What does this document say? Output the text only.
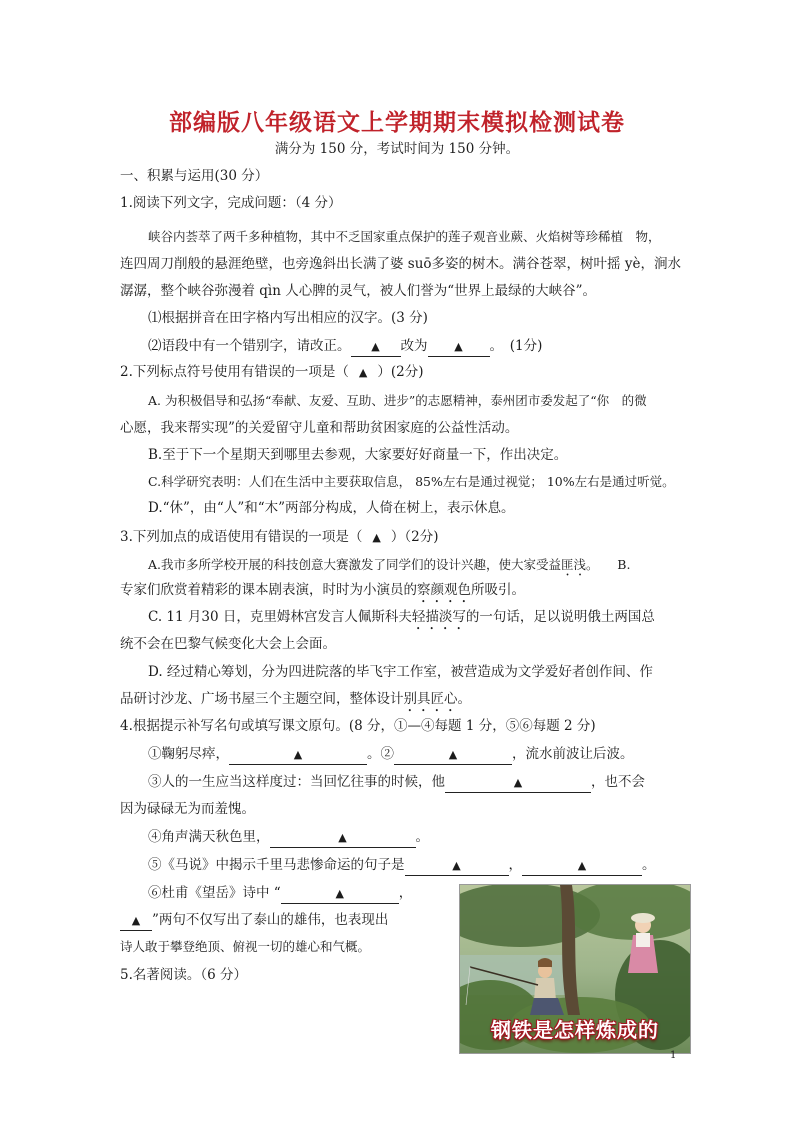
部编版八年级语文上学期期末模拟检测试卷
满分为 150 分，考试时间为 150 分钟。
一、积累与运用(30 分）
1.阅读下列文字，完成问题：（4 分）
峡谷内荟萃了两千多种植物，其中不乏国家重点保护的莲子观音业蕨、火焰树等珍稀植　物，
连四周刀削般的悬涯绝壁，也旁逸斜出长满了婆 suō多姿的树木。满谷苍翠，树叶摇 yè，涧水
潺潺，整个峡谷弥漫着 qìn 人心脾的灵气，被人们誉为“世界上最绿的大峡谷”。
⑴根据拼音在田字格内写出相应的汉字。(3 分)
⑵语段中有一个错别字，请改正。 ▲ 改为 ▲ 。　(1分)
2.下列标点符号使用有错误的一项是（ ▲ ）(2分)
A. 为积极倡导和弘扬“奉献、友爱、互助、进步”的志愿精神，泰州团市委发起了“你　的微
心愿，我来帮实现”的关爱留守儿童和帮助贫困家庭的公益性活动。
B.至于下一个星期天到哪里去参观，大家要好好商量一下，作出决定。
C.科学研究表明：人们在生活中主要获取信息， 85%左右是通过视觉； 10%左右是通过听觉。
D.“休”，由“人”和“木”两部分构成，人倚在树上，表示休息。
3.下列加点的成语使用有错误的一项是（ ▲ ）（2分)
A.我市多所学校开展的科技创意大赛激发了同学们的设计兴趣，使大家受益匪浅。　　B.
专家们欣赏着精彩的课本剧表演，时时为小演员的察颜观色所吸引。
C. 11 月30 日，克里姆林宫发言人佩斯科夫轻描淡写的一句话，足以说明俄土两国总
统不会在巴黎气候变化大会上会面。
D. 经过精心筹划，分为四进院落的毕飞宇工作室，被营造成为文学爱好者创作间、作
品研讨沙龙、广场书屋三个主题空间，整体设计别具匠心。
4.根据提示补写名句或填写课文原句。(8 分，①—④每题 1 分，⑤⑥每题 2 分)
①鞠躬尽瘁，	▲	。②	▲	，流水前波让后波。
③人的一生应当这样度过：当回忆往事的时候，他	▲	，也不会
因为碌碌无为而羞愧。
④角声满天秋色里，	▲	。
⑤《马说》中揭示千里马悲惨命运的句子是	▲	，	▲	。
⑥杜甫《望岳》诗中 “	▲	，
▲ ”两句不仅写出了泰山的雄伟，也表现出
诗人敢于攀登绝顶、俯视一切的雄心和气概。
5.名著阅读。（6 分）
钢铁是怎样炼成的
1
